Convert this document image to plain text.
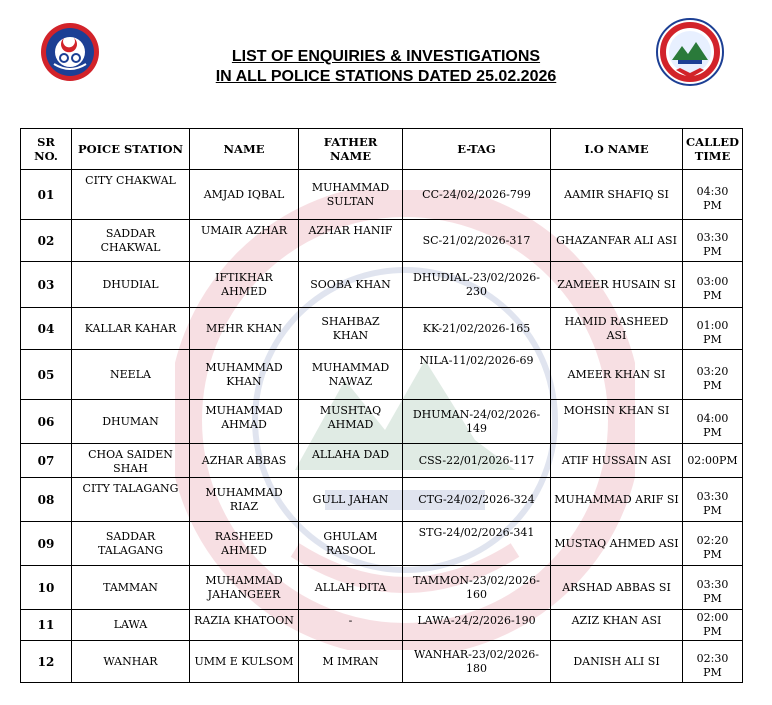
LIST OF ENQUIRIES & INVESTIGATIONS
IN ALL POLICE STATIONS DATED 25.02.2026
SR NO.	POICE STATION	NAME	FATHER NAME	E-TAG	I.O NAME	CALLED TIME
01	CITY CHAKWAL	AMJAD IQBAL	MUHAMMAD SULTAN	CC-24/02/2026-799	AAMIR SHAFIQ SI	04:30 PM
02	SADDAR CHAKWAL	UMAIR AZHAR	AZHAR HANIF	SC-21/02/2026-317	GHAZANFAR ALI ASI	03:30 PM
03	DHUDIAL	IFTIKHAR AHMED	SOOBA KHAN	DHUDIAL-23/02/2026-230	ZAMEER HUSAIN SI	03:00 PM
04	KALLAR KAHAR	MEHR KHAN	SHAHBAZ KHAN	KK-21/02/2026-165	HAMID RASHEED ASI	01:00 PM
05	NEELA	MUHAMMAD KHAN	MUHAMMAD NAWAZ	NILA-11/02/2026-69	AMEER KHAN SI	03:20 PM
06	DHUMAN	MUHAMMAD AHMAD	MUSHTAQ AHMAD	DHUMAN-24/02/2026-149	MOHSIN KHAN SI	04:00 PM
07	CHOA SAIDEN SHAH	AZHAR ABBAS	ALLAHA DAD	CSS-22/01/2026-117	ATIF HUSSAIN ASI	02:00PM
08	CITY TALAGANG	MUHAMMAD RIAZ	GULL JAHAN	CTG-24/02/2026-324	MUHAMMAD ARIF SI	03:30 PM
09	SADDAR TALAGANG	RASHEED AHMED	GHULAM RASOOL	STG-24/02/2026-341	MUSTAQ AHMED ASI	02:20 PM
10	TAMMAN	MUHAMMAD JAHANGEER	ALLAH DITA	TAMMON-23/02/2026-160	ARSHAD ABBAS SI	03:30 PM
11	LAWA	RAZIA KHATOON	-	LAWA-24/2/2026-190	AZIZ KHAN ASI	02:00 PM
12	WANHAR	UMM E KULSOM	M IMRAN	WANHAR-23/02/2026-180	DANISH ALI SI	02:30 PM
